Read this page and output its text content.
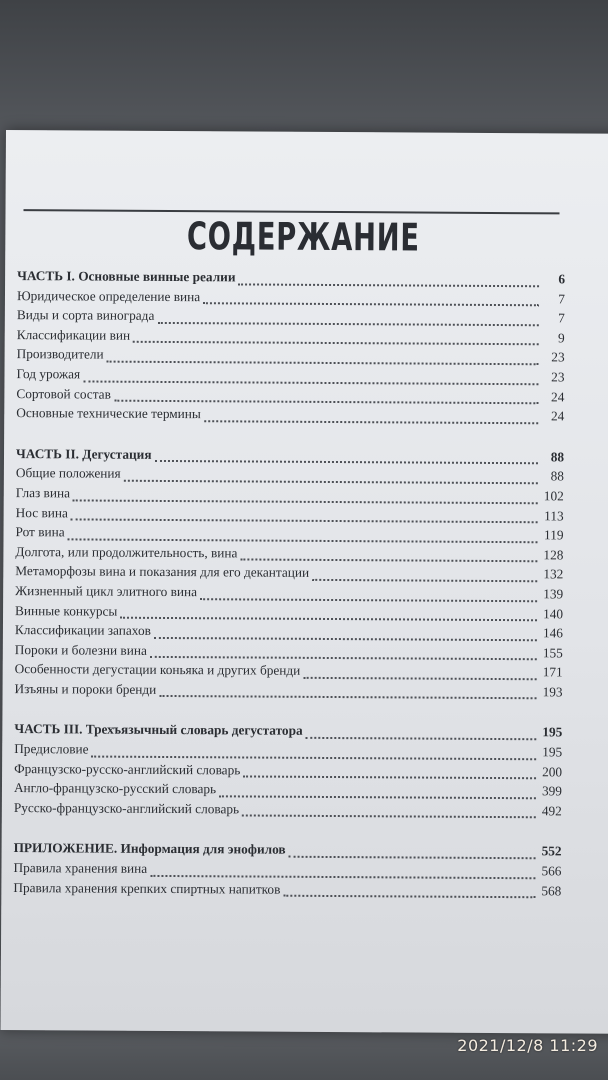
СОДЕРЖАНИЕ
ЧАСТЬ I. Основные винные реалии	6
Юридическое определение вина	7
Виды и сорта винограда	7
Классификации вин	9
Производители	23
Год урожая	23
Сортовой состав	24
Основные технические термины	24
ЧАСТЬ II. Дегустация	88
Общие положения	88
Глаз вина	102
Нос вина	113
Рот вина	119
Долгота, или продолжительность, вина	128
Метаморфозы вина и показания для его декантации	132
Жизненный цикл элитного вина	139
Винные конкурсы	140
Классификации запахов	146
Пороки и болезни вина	155
Особенности дегустации коньяка и других бренди	171
Изъяны и пороки бренди	193
ЧАСТЬ III. Трехъязычный словарь дегустатора	195
Предисловие	195
Французско-русско-английский словарь	200
Англо-французско-русский словарь	399
Русско-французско-английский словарь	492
ПРИЛОЖЕНИЕ. Информация для энофилов	552
Правила хранения вина	566
Правила хранения крепких спиртных напитков	568
2021/12/8 11:29
